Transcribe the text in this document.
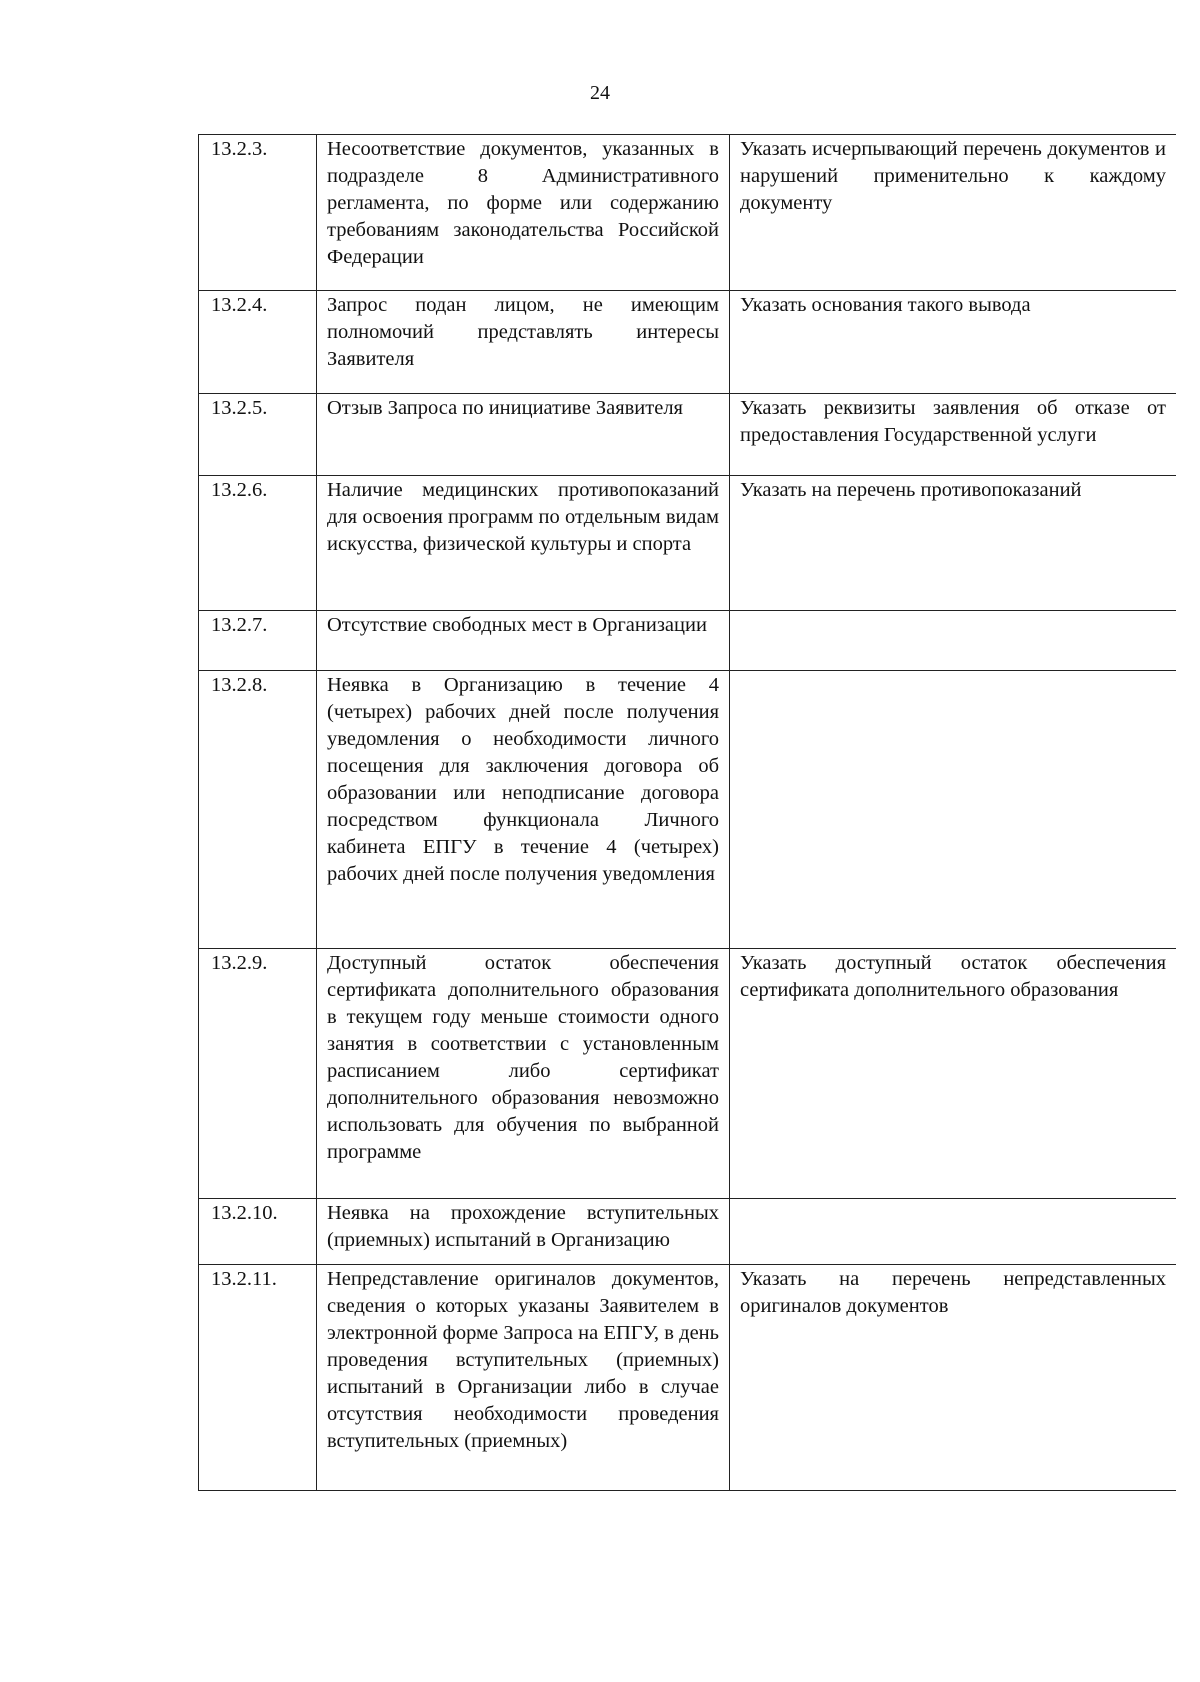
24
13.2.3.	Несоответствие документов, указанных в подразделе 8 Административного регламента, по форме или содержанию требованиям законодательства Российской Федерации	Указать исчерпывающий перечень документов и нарушений применительно к каждому документу
13.2.4.	Запрос подан лицом, не имеющим полномочий представлять интересы Заявителя	Указать основания такого вывода
13.2.5.	Отзыв Запроса по инициативе Заявителя	Указать реквизиты заявления об отказе от предоставления Государственной услуги
13.2.6.	Наличие медицинских противопоказаний для освоения программ по отдельным видам искусства, физической культуры и спорта	Указать на перечень противопоказаний
13.2.7.	Отсутствие свободных мест в Организации	
13.2.8.	Неявка в Организацию в течение 4 (четырех) рабочих дней после получения уведомления о необходимости личного посещения для заключения договора об образовании или неподписание договора посредством функционала Личного кабинета ЕПГУ в течение 4 (четырех) рабочих дней после получения уведомления	
13.2.9.	Доступный остаток обеспечения сертификата дополнительного образования в текущем году меньше стоимости одного занятия в соответствии с установленным расписанием либо сертификат дополнительного образования невозможно использовать для обучения по выбранной программе	Указать доступный остаток обеспечения сертификата дополнительного образования
13.2.10.	Неявка на прохождение вступительных (приемных) испытаний в Организацию	
13.2.11.	Непредставление оригиналов документов, сведения о которых указаны Заявителем в электронной форме Запроса на ЕПГУ, в день проведения вступительных (приемных) испытаний в Организации либо в случае отсутствия необходимости проведения вступительных (приемных)	Указать на перечень непредставленных оригиналов документов
